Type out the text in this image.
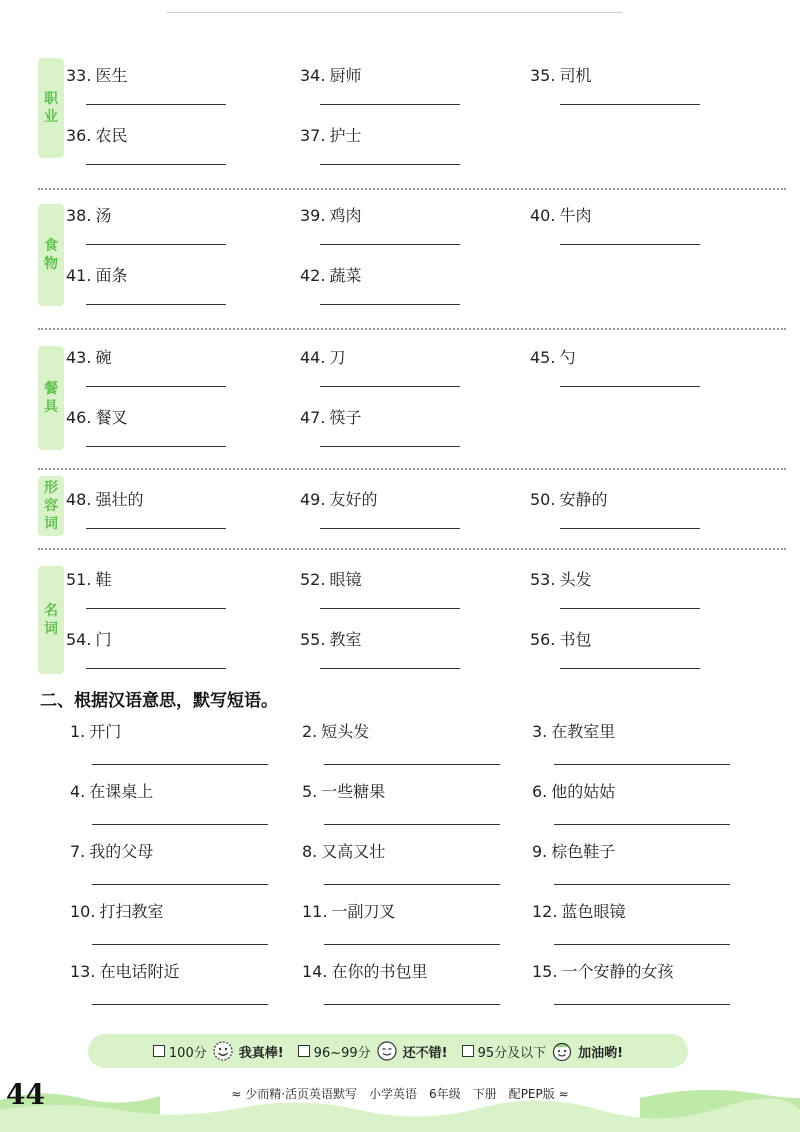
职业
33. 医生	34. 厨师	35. 司机
36. 农民	37. 护士
食物
38. 汤	39. 鸡肉	40. 牛肉
41. 面条	42. 蔬菜
餐具
43. 碗	44. 刀	45. 勺
46. 餐叉	47. 筷子
形容词
48. 强壮的	49. 友好的	50. 安静的
名词
51. 鞋	52. 眼镜	53. 头发
54. 门	55. 教室	56. 书包
二、根据汉语意思，默写短语。
1. 开门	2. 短头发	3. 在教室里
4. 在课桌上	5. 一些糖果	6. 他的姑姑
7. 我的父母	8. 又高又壮	9. 棕色鞋子
10. 打扫教室	11. 一副刀叉	12. 蓝色眼镜
13. 在电话附近	14. 在你的书包里	15. 一个安静的女孩
100分 我真棒! 96~99分 还不错! 95分及以下 加油哟!
44	≈ 少而精·活页英语默写　小学英语　6年级　下册　配PEP版 ≈
